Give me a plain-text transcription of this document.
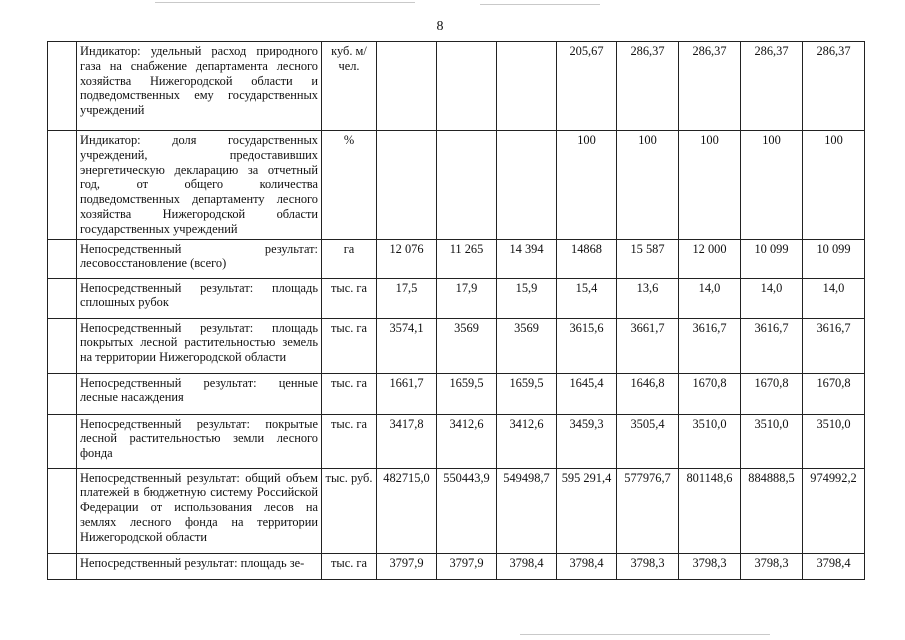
8
	Индикатор: удельный расход природного газа на снабжение департамента лесного хозяйства Нижегородской области и подведомственных ему государственных учреждений	куб. м/чел.				205,67	286,37	286,37	286,37	286,37
	Индикатор: доля государственных учреждений, предоставивших энергетическую декларацию за отчетный год, от общего количества подведомственных департаменту лесного хозяйства Нижегородской области государственных учреждений	%				100	100	100	100	100
	Непосредственный результат: лесовосстановление (всего)	га	12 076	11 265	14 394	14868	15 587	12 000	10 099	10 099
	Непосредственный результат: площадь сплошных рубок	тыс. га	17,5	17,9	15,9	15,4	13,6	14,0	14,0	14,0
	Непосредственный результат: площадь покрытых лесной растительностью земель на территории Нижегородской области	тыс. га	3574,1	3569	3569	3615,6	3661,7	3616,7	3616,7	3616,7
	Непосредственный результат: ценные лесные насаждения	тыс. га	1661,7	1659,5	1659,5	1645,4	1646,8	1670,8	1670,8	1670,8
	Непосредственный результат: покрытые лесной растительностью земли лесного фонда	тыс. га	3417,8	3412,6	3412,6	3459,3	3505,4	3510,0	3510,0	3510,0
	Непосредственный результат: общий объем платежей в бюджетную систему Российской Федерации от использования лесов на землях лесного фонда на территории Нижегородской области	тыс. руб.	482715,0	550443,9	549498,7	595 291,4	577976,7	801148,6	884888,5	974992,2
	Непосредственный результат: площадь зе-	тыс. га	3797,9	3797,9	3798,4	3798,4	3798,3	3798,3	3798,3	3798,4
